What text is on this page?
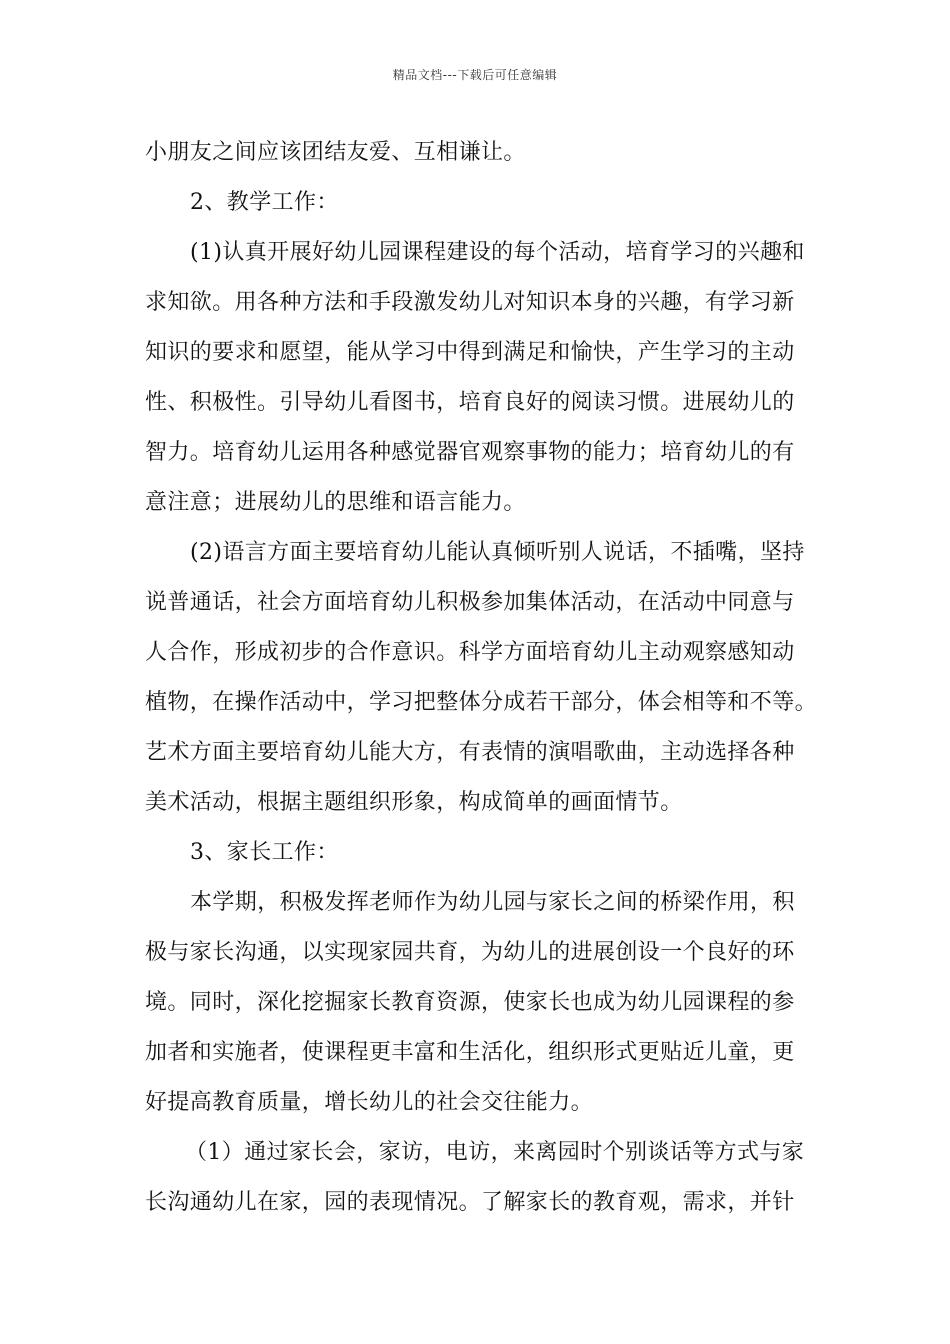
精品文档---下载后可任意编辑
小朋友之间应该团结友爱、互相谦让。
2、教学工作：
(1)认真开展好幼儿园课程建设的每个活动，培育学习的兴趣和
求知欲。用各种方法和手段激发幼儿对知识本身的兴趣，有学习新
知识的要求和愿望，能从学习中得到满足和愉快，产生学习的主动
性、积极性。引导幼儿看图书，培育良好的阅读习惯。进展幼儿的
智力。培育幼儿运用各种感觉器官观察事物的能力；培育幼儿的有
意注意；进展幼儿的思维和语言能力。
(2)语言方面主要培育幼儿能认真倾听别人说话，不插嘴，坚持
说普通话，社会方面培育幼儿积极参加集体活动，在活动中同意与
人合作，形成初步的合作意识。科学方面培育幼儿主动观察感知动
植物，在操作活动中，学习把整体分成若干部分，体会相等和不等。
艺术方面主要培育幼儿能大方，有表情的演唱歌曲，主动选择各种
美术活动，根据主题组织形象，构成简单的画面情节。
3、家长工作：
本学期，积极发挥老师作为幼儿园与家长之间的桥梁作用，积
极与家长沟通，以实现家园共育，为幼儿的进展创设一个良好的环
境。同时，深化挖掘家长教育资源，使家长也成为幼儿园课程的参
加者和实施者，使课程更丰富和生活化，组织形式更贴近儿童，更
好提高教育质量，增长幼儿的社会交往能力。
（1）通过家长会，家访，电访，来离园时个别谈话等方式与家
长沟通幼儿在家，园的表现情况。了解家长的教育观，需求，并针
